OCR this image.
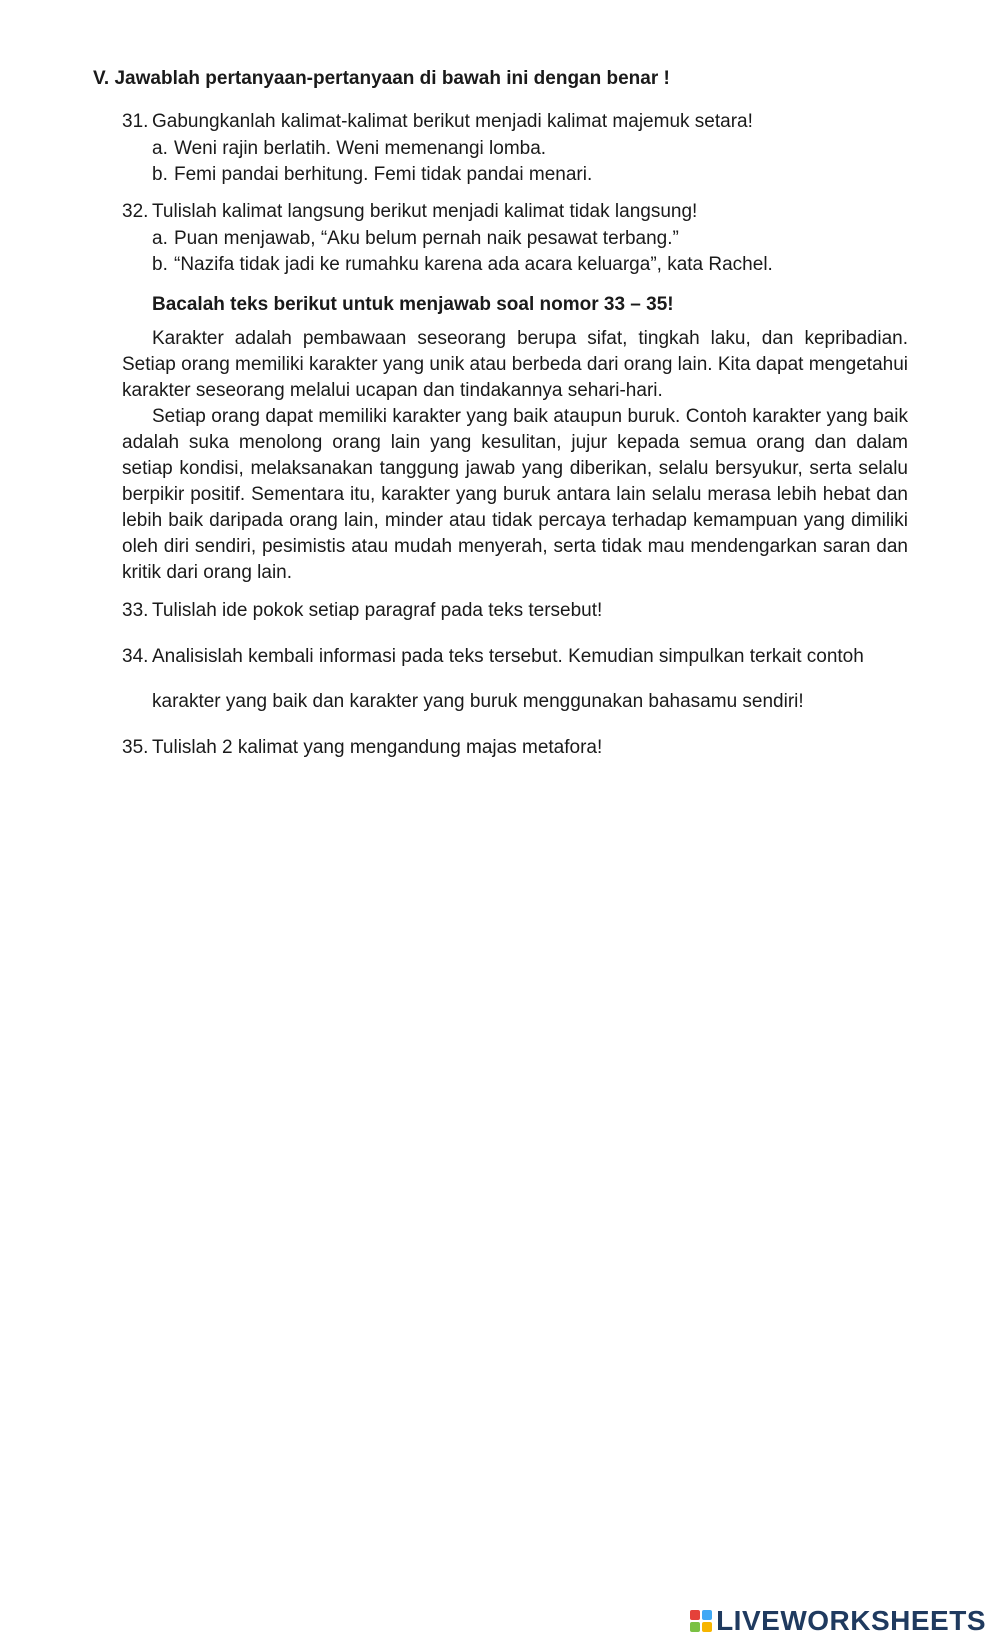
V. Jawablah pertanyaan-pertanyaan di bawah ini dengan benar !
31. Gabungkanlah kalimat-kalimat berikut menjadi kalimat majemuk setara!
a. Weni rajin berlatih. Weni memenangi lomba.
b. Femi pandai berhitung. Femi tidak pandai menari.
32. Tulislah kalimat langsung berikut menjadi kalimat tidak langsung!
a. Puan menjawab, “Aku belum pernah naik pesawat terbang.”
b. “Nazifa tidak jadi ke rumahku karena ada acara keluarga”, kata Rachel.
Bacalah teks berikut untuk menjawab soal nomor 33 – 35!

Karakter adalah pembawaan seseorang berupa sifat, tingkah laku, dan kepribadian. Setiap orang memiliki karakter yang unik atau berbeda dari orang lain. Kita dapat mengetahui karakter seseorang melalui ucapan dan tindakannya sehari-hari.

Setiap orang dapat memiliki karakter yang baik ataupun buruk. Contoh karakter yang baik adalah suka menolong orang lain yang kesulitan, jujur kepada semua orang dan dalam setiap kondisi, melaksanakan tanggung jawab yang diberikan, selalu bersyukur, serta selalu berpikir positif. Sementara itu, karakter yang buruk antara lain selalu merasa lebih hebat dan lebih baik daripada orang lain, minder atau tidak percaya terhadap kemampuan yang dimiliki oleh diri sendiri, pesimistis atau mudah menyerah, serta tidak mau mendengarkan saran dan kritik dari orang lain.

33. Tulislah ide pokok setiap paragraf pada teks tersebut!
34. Analisislah kembali informasi pada teks tersebut. Kemudian simpulkan terkait contoh
karakter yang baik dan karakter yang buruk menggunakan bahasamu sendiri!
35. Tulislah 2 kalimat yang mengandung majas metafora!
LIVEWORKSHEETS
